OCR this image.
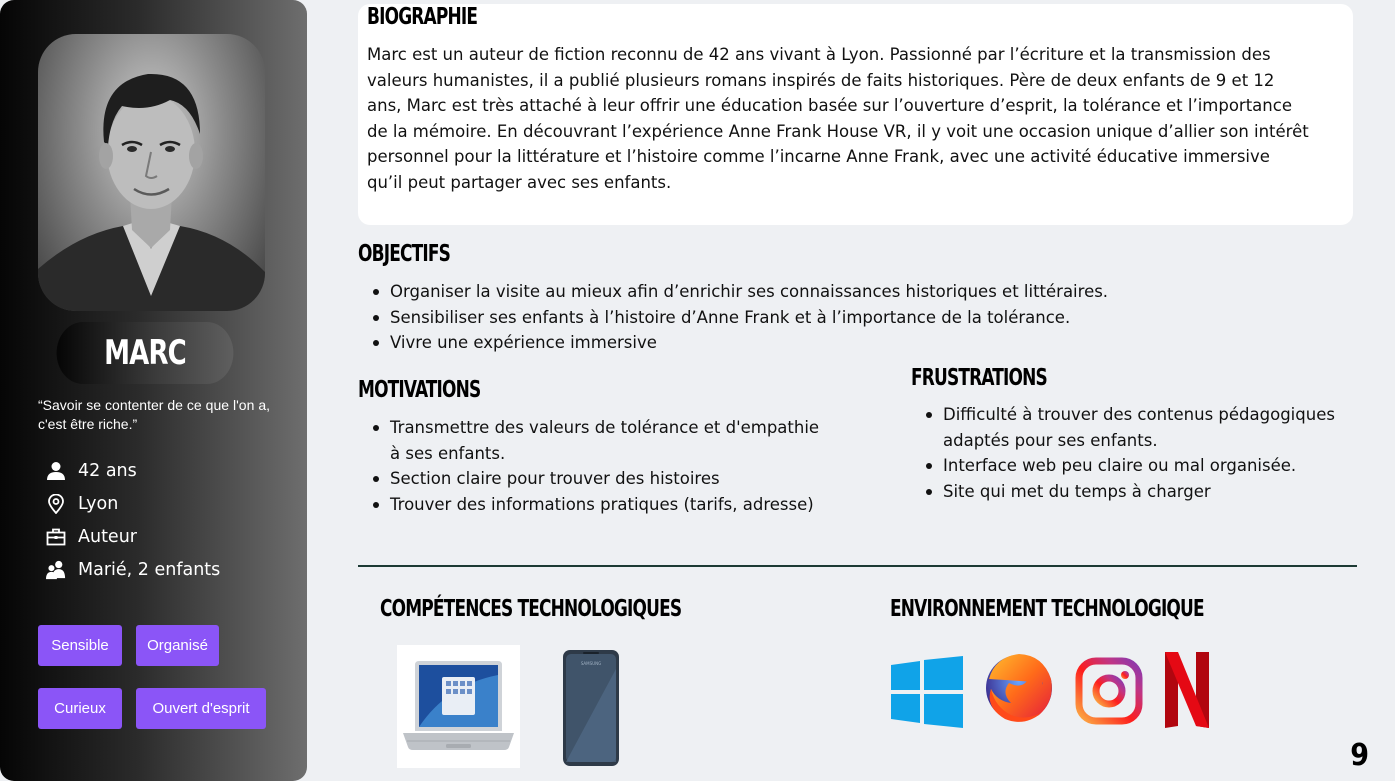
MARC
“Savoir se contenter de ce que l'on a, c'est être riche.”
42 ans
Lyon
Auteur
Marié, 2 enfants
Sensible	Organisé
Curieux	Ouvert d'esprit
BIOGRAPHIE
Marc est un auteur de fiction reconnu de 42 ans vivant à Lyon. Passionné par l’écriture et la transmission des
valeurs humanistes, il a publié plusieurs romans inspirés de faits historiques. Père de deux enfants de 9 et 12
ans, Marc est très attaché à leur offrir une éducation basée sur l’ouverture d’esprit, la tolérance et l’importance
de la mémoire. En découvrant l’expérience Anne Frank House VR, il y voit une occasion unique d’allier son intérêt
personnel pour la littérature et l’histoire comme l’incarne Anne Frank, avec une activité éducative immersive
qu’il peut partager avec ses enfants.
OBJECTIFS
Organiser la visite au mieux afin d’enrichir ses connaissances historiques et littéraires.
Sensibiliser ses enfants à l’histoire d’Anne Frank et à l’importance de la tolérance.
Vivre une expérience immersive
MOTIVATIONS
Transmettre des valeurs de tolérance et d'empathie à ses enfants.
Section claire pour trouver des histoires
Trouver des informations pratiques (tarifs, adresse)
FRUSTRATIONS
Difficulté à trouver des contenus pédagogiques adaptés pour ses enfants.
Interface web peu claire ou mal organisée.
Site qui met du temps à charger
COMPÉTENCES TECHNOLOGIQUES
SAMSUNG
ENVIRONNEMENT TECHNOLOGIQUE
9
